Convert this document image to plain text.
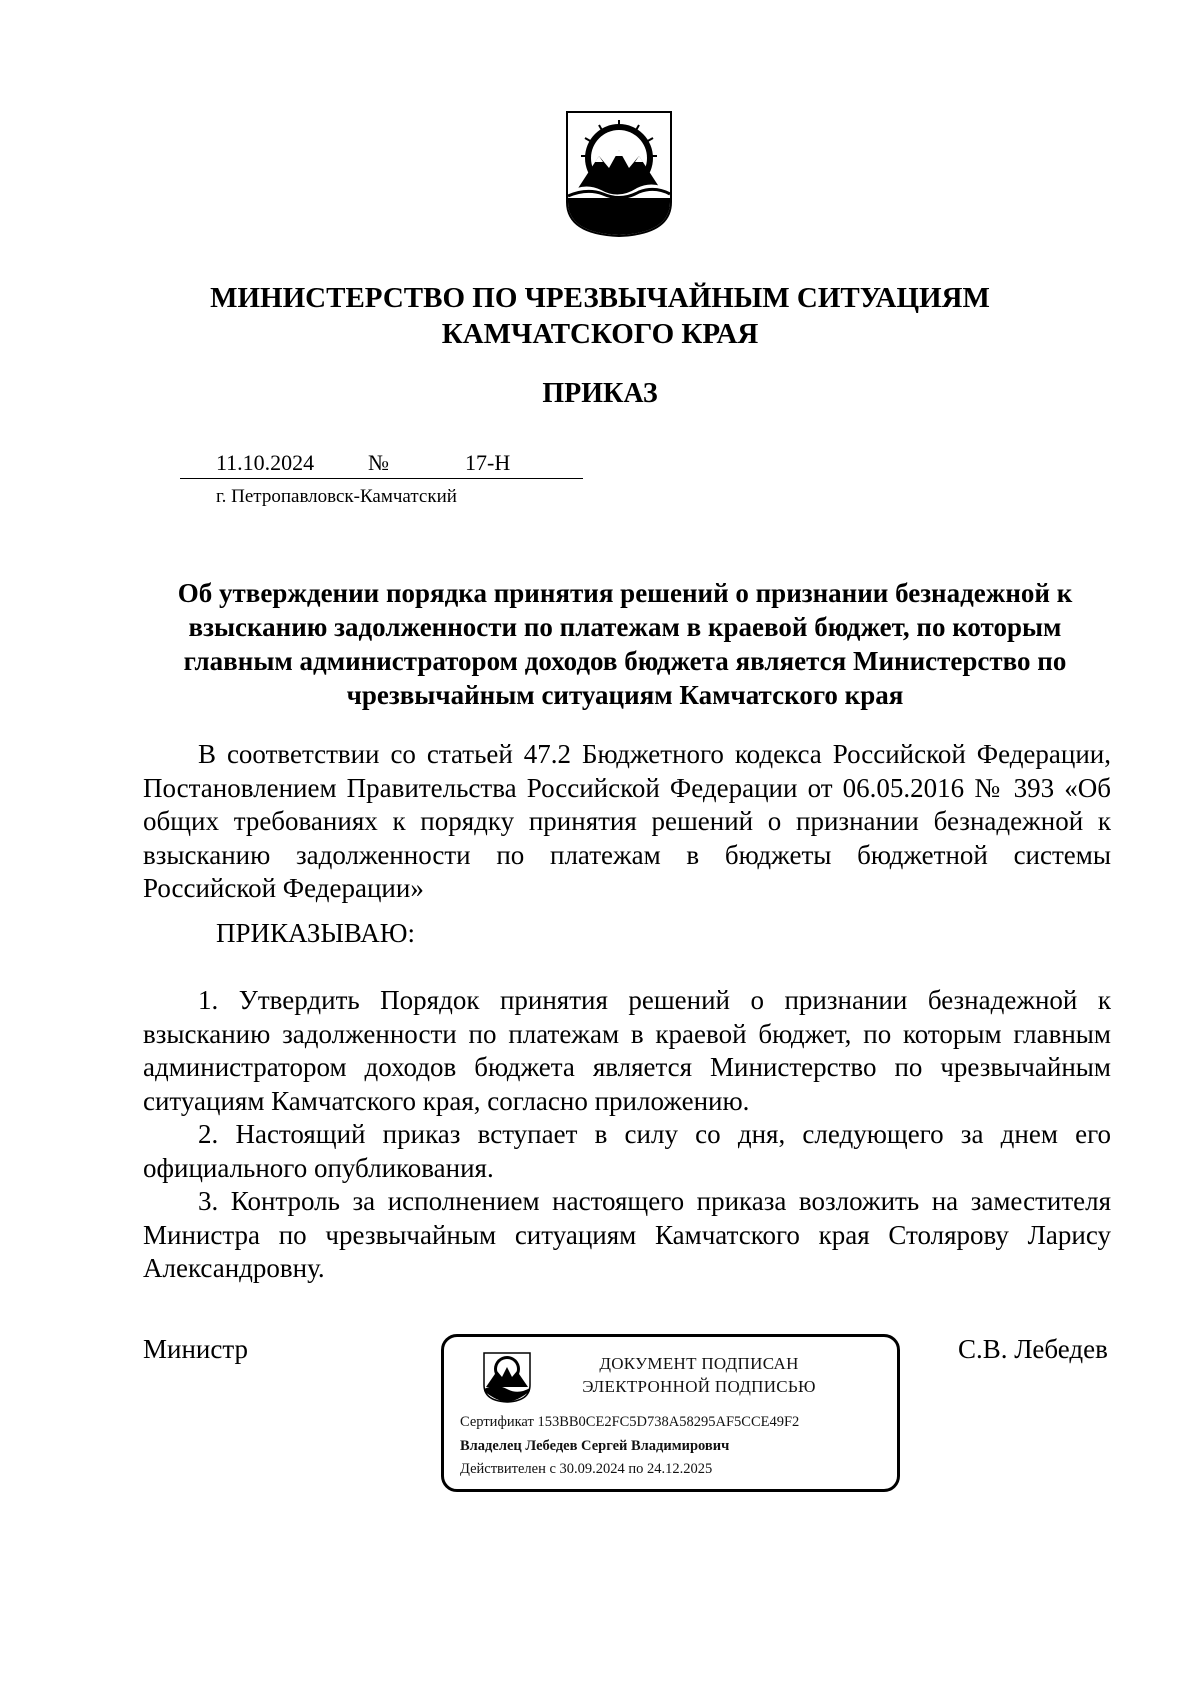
МИНИСТЕРСТВО ПО ЧРЕЗВЫЧАЙНЫМ СИТУАЦИЯМ
КАМЧАТСКОГО КРАЯ
ПРИКАЗ
11.10.2024 №	17-Н
г. Петропавловск-Камчатский
Об утверждении порядка принятия решений о признании безнадежной к
взысканию задолженности по платежам в краевой бюджет, по которым
главным администратором доходов бюджета является Министерство по
чрезвычайным ситуациям Камчатского края

В соответствии со статьей 47.2 Бюджетного кодекса Российской Федерации, Постановлением Правительства Российской Федерации от 06.05.2016 № 393 «Об общих требованиях к порядку принятия решений о признании безнадежной к взысканию задолженности по платежам в бюджеты бюджетной системы Российской Федерации»

ПРИКАЗЫВАЮ:

1. Утвердить Порядок принятия решений о признании безнадежной к взысканию задолженности по платежам в краевой бюджет, по которым главным администратором доходов бюджета является Министерство по чрезвычайным ситуациям Камчатского края, согласно приложению.

2. Настоящий приказ вступает в силу со дня, следующего за днем его официального опубликования.

3. Контроль за исполнением настоящего приказа возложить на заместителя Министра по чрезвычайным ситуациям Камчатского края Столярову Ларису Александровну.

Министр	С.В. Лебедев
ДОКУМЕНТ ПОДПИСАН
ЭЛЕКТРОННОЙ ПОДПИСЬЮ
Сертификат 153BB0CE2FC5D738A58295AF5CCE49F2
Владелец Лебедев Сергей Владимирович
Действителен с 30.09.2024 по 24.12.2025
